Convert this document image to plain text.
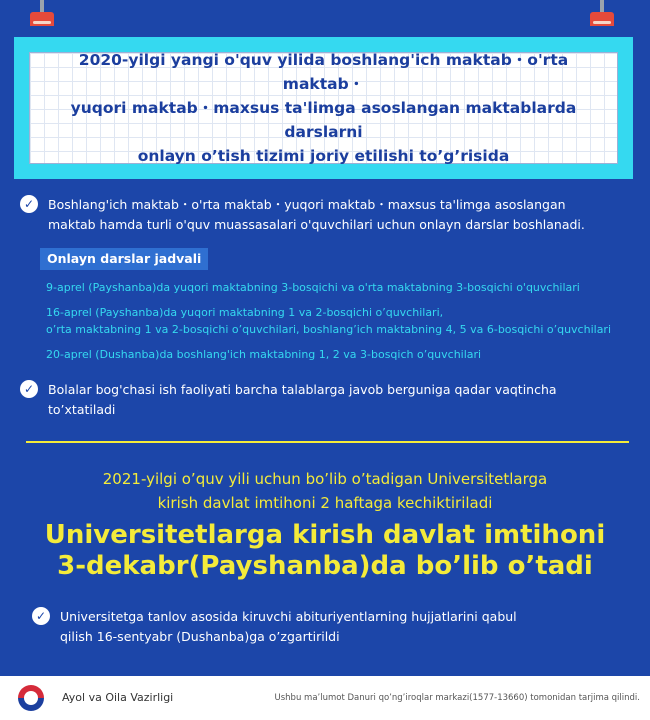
2020-yilgi yangi o'quv yilida boshlang'ich maktab・o'rta maktab・
yuqori maktab・maxsus ta'limga asoslangan maktablarda darslarni
onlayn o’tish tizimi joriy etilishi to’g’risida

✓	Boshlang'ich maktab・o'rta maktab・yuqori maktab・maxsus ta'limga asoslangan
maktab hamda turli o'quv muassasalari o'quvchilari uchun onlayn darslar boshlanadi.
Onlayn darslar jadvali
9-aprel (Payshanba)da yuqori maktabning 3-bosqichi va o'rta maktabning 3-bosqichi o'quvchilari
16-aprel (Payshanba)da yuqori maktabning 1 va 2-bosqichi o’quvchilari,
o’rta maktabning 1 va 2-bosqichi o’quvchilari, boshlang’ich maktabning 4, 5 va 6-bosqichi o’quvchilari
20-aprel (Dushanba)da boshlang'ich maktabning 1, 2 va 3-bosqich o’quvchilari
✓	Bolalar bog'chasi ish faoliyati barcha talablarga javob berguniga qadar vaqtincha
to’xtatiladi
2021-yilgi o’quv yili uchun bo’lib o’tadigan Universitetlarga
kirish davlat imtihoni 2 haftaga kechiktiriladi
Universitetlarga kirish davlat imtihoni
3-dekabr(Payshanba)da bo’lib o’tadi
✓	Universitetga tanlov asosida kiruvchi abituriyentlarning hujjatlarini qabul
qilish 16-sentyabr (Dushanba)ga o’zgartirildi
Ayol va Oila Vazirligi	Ushbu ma’lumot Danuri qo’ng’iroqlar markazi(1577-13660) tomonidan tarjima qilindi.
